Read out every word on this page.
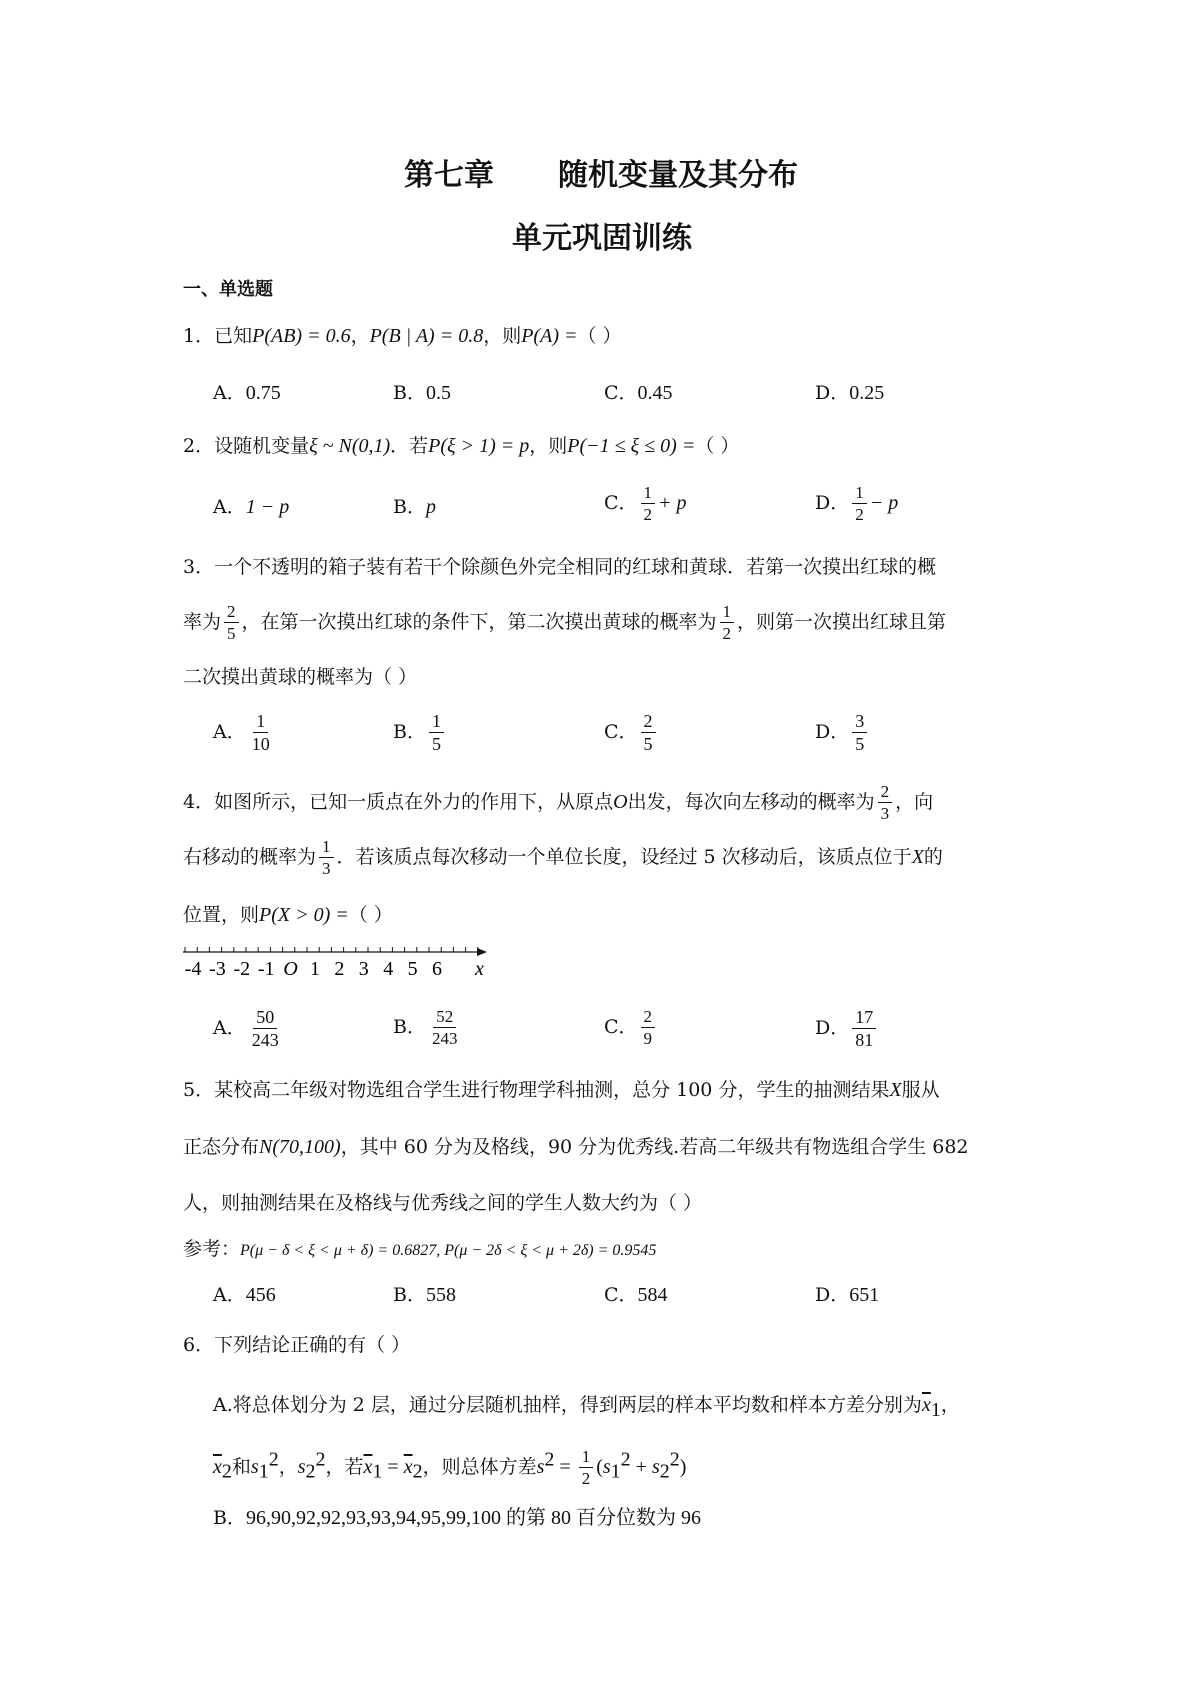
第七章 随机变量及其分布
单元巩固训练
一、单选题
1．已知P(AB) = 0.6，P(B | A) = 0.8，则P(A) =（ ）
A．0.75	B．0.5	C．0.45	D．0.25
2．设随机变量ξ ~ N(0,1)．若P(ξ > 1) = p，则P(−1 ≤ ξ ≤ 0) =（ ）
A．1 − p	B．p	C． $\frac{1}{2} + p$	D． $\frac{1}{2} - p$
3．一个不透明的箱子装有若干个除颜色外完全相同的红球和黄球．若第一次摸出红球的概
率为 $\frac{2}{5}$ ，在第一次摸出红球的条件下，第二次摸出黄球的概率为 $\frac{1}{2}$ ，则第一次摸出红球且第
二次摸出黄球的概率为（ ）
A． $\frac{1}{10}$	B． $\frac{1}{5}$	C． $\frac{2}{5}$	D． $\frac{3}{5}$
4．如图所示，已知一质点在外力的作用下，从原点O出发，每次向左移动的概率为 $\frac{2}{3}$ ，向
右移动的概率为 $\frac{1}{3}$ ．若该质点每次移动一个单位长度，设经过 5 次移动后，该质点位于X的
位置，则P(X > 0) =（ ）
-4 -3 -2 -1 O 1 2 3 4 5 6 x
A． $\frac{50}{243}$	B． $\frac{52}{243}$	C． $\frac{2}{9}$	D． $\frac{17}{81}$
5．某校高二年级对物选组合学生进行物理学科抽测，总分 100 分，学生的抽测结果X服从
正态分布N(70,100)，其中 60 分为及格线，90 分为优秀线.若高二年级共有物选组合学生 682
人，则抽测结果在及格线与优秀线之间的学生人数大约为（ ）
参考：P(μ − δ < ξ < μ + δ) = 0.6827, P(μ − 2δ < ξ < μ + 2δ) = 0.9545
A．456	B．558	C．584	D．651
6．下列结论正确的有（ ）
A.将总体划分为 2 层，通过分层随机抽样，得到两层的样本平均数和样本方差分别为$\overline{x}_1$，
$\overline{x}_2$和$s_1^2$，$s_2^2$，若$\overline{x}_1 = \overline{x}_2$，则总体方差$s^2 = \frac{1}{2} (s_1^2 + s_2^2)$
B．96,90,92,92,93,93,94,95,99,100 的第 80 百分位数为 96
